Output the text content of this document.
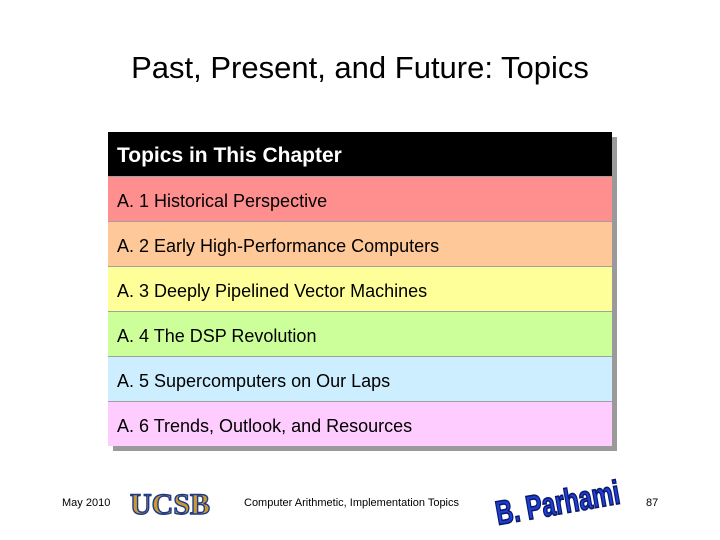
Past, Present, and Future: Topics
Topics in This Chapter
A. 1 Historical Perspective
A. 2 Early High-Performance Computers
A. 3 Deeply Pipelined Vector Machines
A. 4 The DSP Revolution
A. 5 Supercomputers on Our Laps
A. 6 Trends, Outlook, and Resources
May 2010 UCSB	Computer Arithmetic, Implementation Topics B. Parhami 87
